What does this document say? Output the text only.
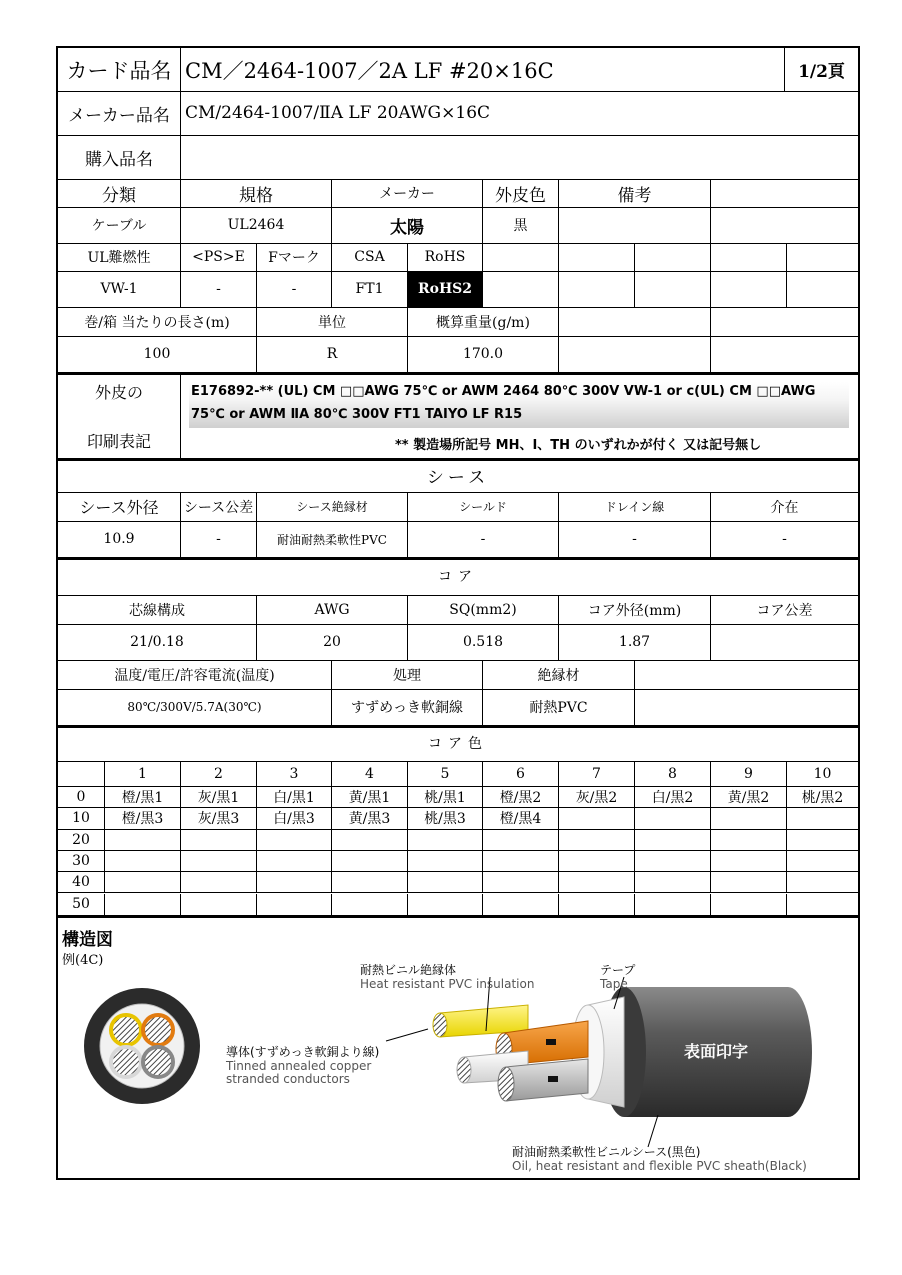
カード品名 CM／2464-1007／2A LF #20×16C	1/2頁
メーカー品名 CM/2464-1007/ⅡA LF 20AWG×16C
購入品名
分類	規格	メーカー	外皮色	備考
ケーブル	UL2464	太陽	黒
UL難燃性	<PS>E	Fマーク	CSA	RoHS
VW-1	-	-	FT1	RoHS2
巻/箱 当たりの長さ(m)	単位	概算重量(g/m)
100	R	170.0
外皮の
印刷表記
E176892-** (UL) CM □□AWG 75℃ or AWM 2464 80℃ 300V VW-1 or c(UL) CM □□AWG
75℃ or AWM ⅡA 80℃ 300V FT1 TAIYO LF R15
** 製造場所記号 MH、I、TH のいずれかが付く 又は記号無し
シース
シース外径	シース公差	シース絶縁材	シールド	ドレイン線	介在
10.9	-	耐油耐熱柔軟性PVC	-	-	-
コア
芯線構成	AWG	SQ(mm2)	コア外径(mm)	コア公差
21/0.18	20	0.518	1.87
温度/電圧/許容電流(温度)	処理	絶縁材
80℃/300V/5.7A(30℃)	すずめっき軟銅線	耐熱PVC
コア色
1	2	3	4	5	6	7	8	9	10
0	橙/黒1	灰/黒1	白/黒1	黄/黒1	桃/黒1	橙/黒2	灰/黒2	白/黒2	黄/黒2	桃/黒2
10	橙/黒3	灰/黒3	白/黒3	黄/黒3	桃/黒3	橙/黒4
20
30
40
50
構造図
例(4C)
耐熱ビニル絶縁体
Heat resistant PVC insulation
テープ
Tape
導体(すずめっき軟銅より線)
Tinned annealed copper
stranded conductors
表面印字
耐油耐熱柔軟性ビニルシース(黒色)
Oil, heat resistant and flexible PVC sheath(Black)
